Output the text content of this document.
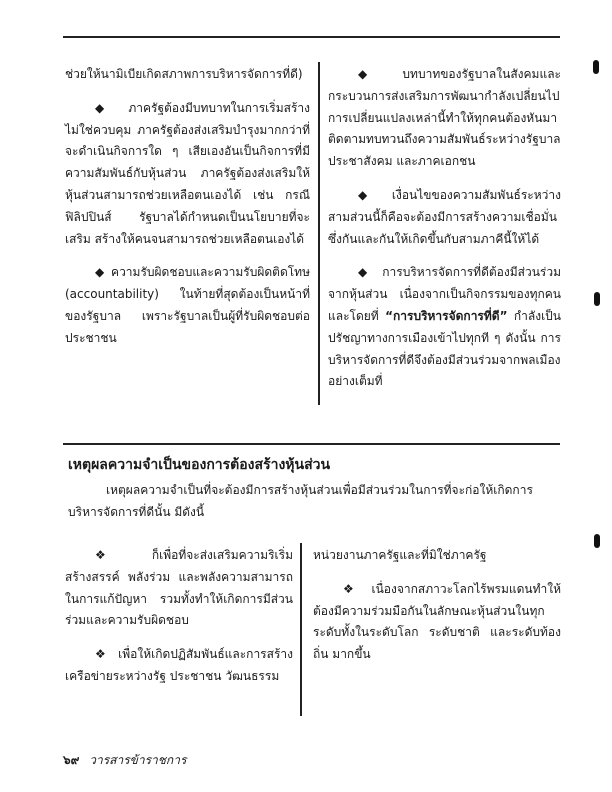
ช่วยให้นามิเบียเกิดสภาพการบริหารจัดการที่ดี)

◆ ภาครัฐต้องมีบทบาทในการเริ่มสร้าง ไม่ใช่ควบคุม ภาครัฐต้องส่งเสริมบำรุงมากกว่าที่จะดำเนินกิจการใด ๆ เสียเองอันเป็นกิจการที่มีความสัมพันธ์กับหุ้นส่วน ภาครัฐต้องส่งเสริมให้หุ้นส่วนสามารถช่วยเหลือตนเองได้ เช่น กรณีฟิลิปปินส์ รัฐบาลได้กำหนดเป็นนโยบายที่จะเสริม สร้างให้คนจนสามารถช่วยเหลือตนเองได้

◆ ความรับผิดชอบและความรับผิดติดโทษ (accountability) ในท้ายที่สุดต้องเป็นหน้าที่ของรัฐบาล เพราะรัฐบาลเป็นผู้ที่รับผิดชอบต่อประชาชน

◆ บทบาทของรัฐบาลในสังคมและกระบวนการส่งเสริมการพัฒนากำลังเปลี่ยนไป การเปลี่ยนแปลงเหล่านี้ทำให้ทุกคนต้องหันมาติดตามทบทวนถึงความสัมพันธ์ระหว่างรัฐบาล ประชาสังคม และภาคเอกชน

◆ เงื่อนไขของความสัมพันธ์ระหว่างสามส่วนนี้ก็คือจะต้องมีการสร้างความเชื่อมั่นซึ่งกันและกันให้เกิดขึ้นกับสามภาคีนี้ให้ได้

◆ การบริหารจัดการที่ดีต้องมีส่วนร่วมจากหุ้นส่วน เนื่องจากเป็นกิจกรรมของทุกคน และโดยที่ “การบริหารจัดการที่ดี” กำลังเป็นปรัชญาทางการเมืองเข้าไปทุกที ๆ ดังนั้น การบริหารจัดการที่ดีจึงต้องมีส่วนร่วมจากพลเมืองอย่างเต็มที่

เหตุผลความจำเป็นของการต้องสร้างหุ้นส่วน
เหตุผลความจำเป็นที่จะต้องมีการสร้างหุ้นส่วนเพื่อมีส่วนร่วมในการที่จะก่อให้เกิดการบริหารจัดการที่ดีนั้น มีดังนี้

❖ ก็เพื่อที่จะส่งเสริมความริเริ่ม สร้างสรรค์ พลังร่วม และพลังความสามารถในการแก้ปัญหา รวมทั้งทำให้เกิดการมีส่วนร่วมและความรับผิดชอบ

❖ เพื่อให้เกิดปฏิสัมพันธ์และการสร้างเครือข่ายระหว่างรัฐ ประชาชน วัฒนธรรม

หน่วยงานภาครัฐและที่มิใช่ภาครัฐ

❖ เนื่องจากสภาวะโลกไร้พรมแดนทำให้ต้องมีความร่วมมือกันในลักษณะหุ้นส่วนในทุกระดับทั้งในระดับโลก ระดับชาติ และระดับท้องถิ่น มากขึ้น

๖๙ วารสารข้าราชการ
